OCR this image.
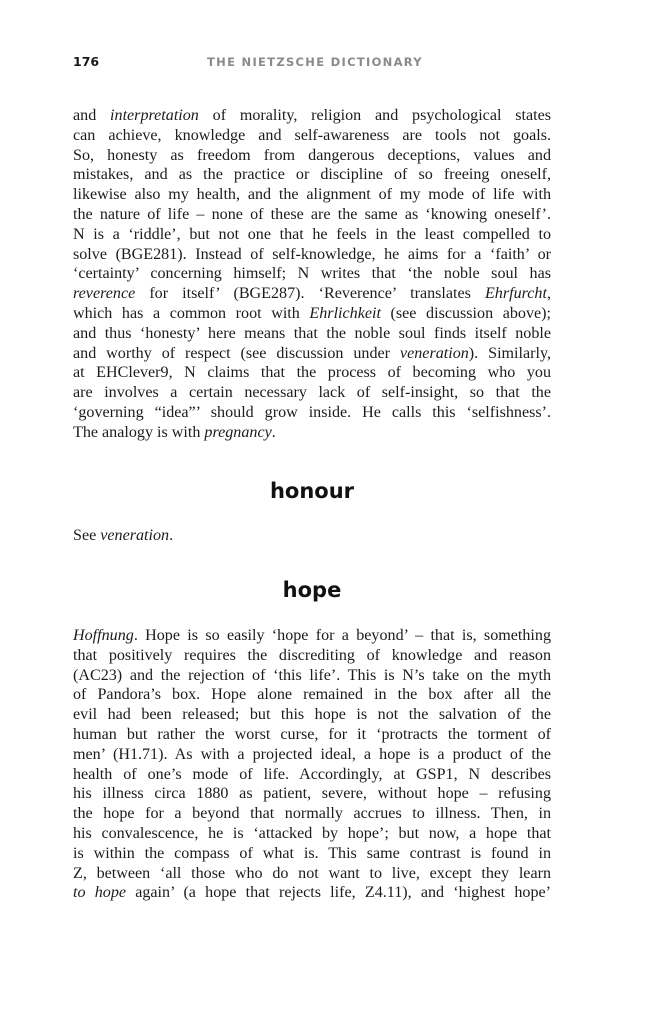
176	THE NIETZSCHE DICTIONARY
and interpretation of morality, religion and psychological states
can achieve, knowledge and self-awareness are tools not goals.
So, honesty as freedom from dangerous deceptions, values and
mistakes, and as the practice or discipline of so freeing oneself,
likewise also my health, and the alignment of my mode of life with
the nature of life – none of these are the same as ‘knowing oneself’.
N is a ‘riddle’, but not one that he feels in the least compelled to
solve (BGE281). Instead of self-knowledge, he aims for a ‘faith’ or
‘certainty’ concerning himself; N writes that ‘the noble soul has
reverence for itself’ (BGE287). ‘Reverence’ translates Ehrfurcht,
which has a common root with Ehrlichkeit (see discussion above);
and thus ‘honesty’ here means that the noble soul finds itself noble
and worthy of respect (see discussion under veneration). Similarly,
at EHClever9, N claims that the process of becoming who you
are involves a certain necessary lack of self-insight, so that the
‘governing “idea”’ should grow inside. He calls this ‘selfishness’.
The analogy is with pregnancy.
honour
See veneration.
hope
Hoffnung. Hope is so easily ‘hope for a beyond’ – that is, something
that positively requires the discrediting of knowledge and reason
(AC23) and the rejection of ‘this life’. This is N’s take on the myth
of Pandora’s box. Hope alone remained in the box after all the
evil had been released; but this hope is not the salvation of the
human but rather the worst curse, for it ‘protracts the torment of
men’ (H1.71). As with a projected ideal, a hope is a product of the
health of one’s mode of life. Accordingly, at GSP1, N describes
his illness circa 1880 as patient, severe, without hope – refusing
the hope for a beyond that normally accrues to illness. Then, in
his convalescence, he is ‘attacked by hope’; but now, a hope that
is within the compass of what is. This same contrast is found in
Z, between ‘all those who do not want to live, except they learn
to hope again’ (a hope that rejects life, Z4.11), and ‘highest hope’
